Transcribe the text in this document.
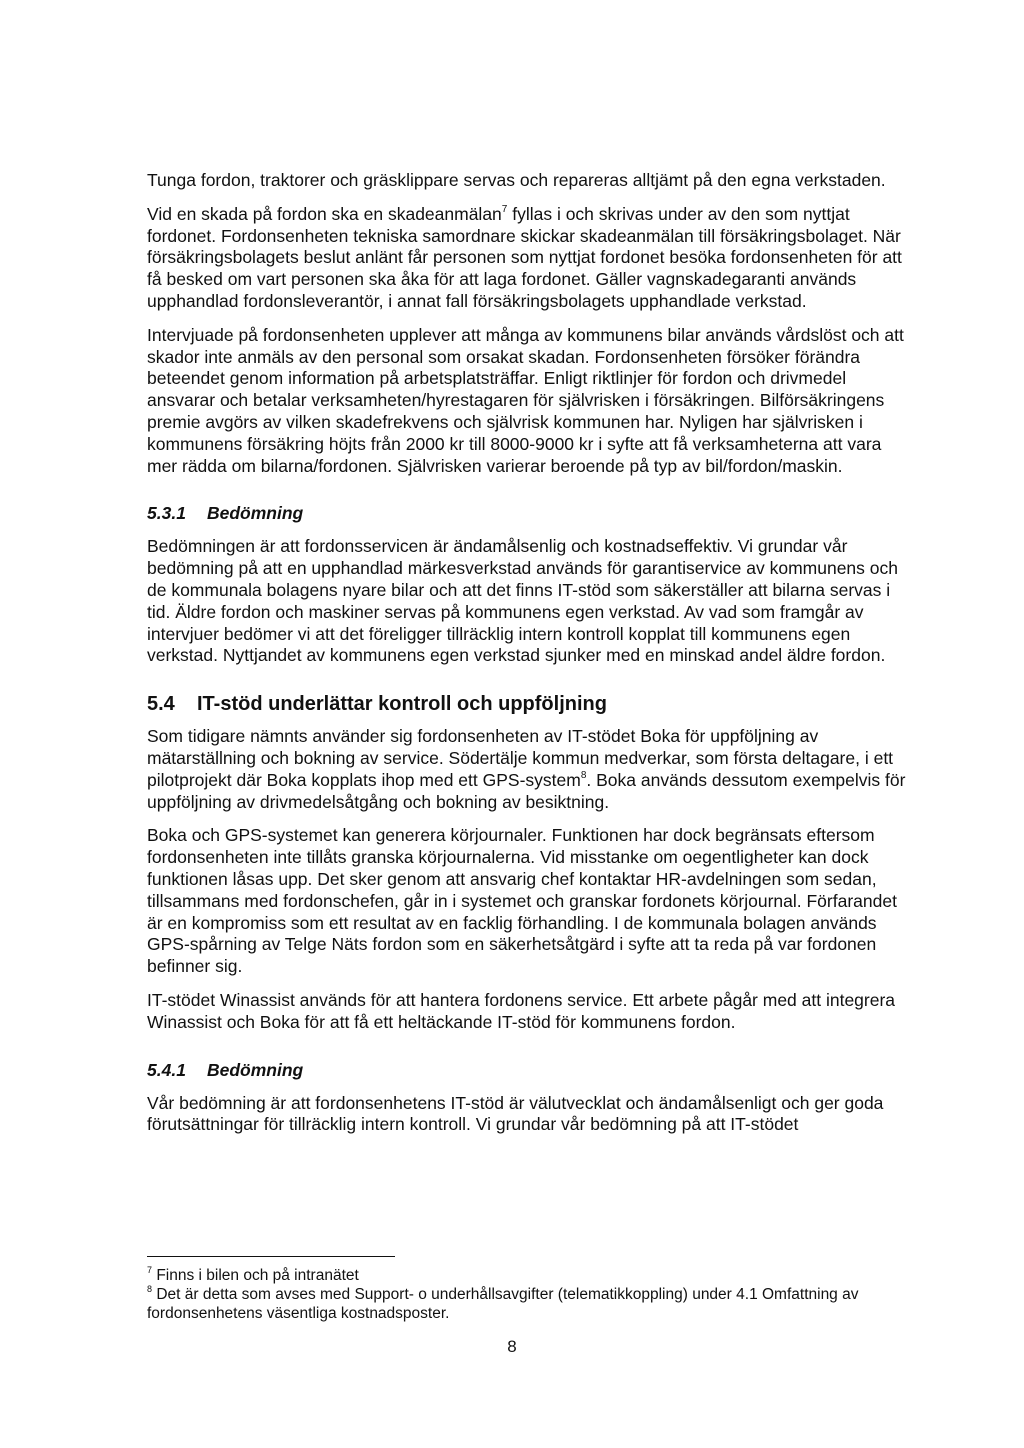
Tunga fordon, traktorer och gräsklippare servas och repareras alltjämt på den egna verkstaden.

Vid en skada på fordon ska en skadeanmälan$^7$ fyllas i och skrivas under av den som nyttjat fordonet. Fordonsenheten tekniska samordnare skickar skadeanmälan till försäkringsbolaget. När försäkringsbolagets beslut anlänt får personen som nyttjat fordonet besöka fordonsenheten för att få besked om vart personen ska åka för att laga fordonet. Gäller vagnskadegaranti används upphandlad fordonsleverantör, i annat fall försäkringsbolagets upphandlade verkstad.

Intervjuade på fordonsenheten upplever att många av kommunens bilar används vårdslöst och att skador inte anmäls av den personal som orsakat skadan. Fordonsenheten försöker förändra beteendet genom information på arbetsplatsträffar. Enligt riktlinjer för fordon och drivmedel ansvarar och betalar verksamheten/hyrestagaren för självrisken i försäkringen. Bilförsäkringens premie avgörs av vilken skadefrekvens och självrisk kommunen har. Nyligen har självrisken i kommunens försäkring höjts från 2000 kr till 8000-9000 kr i syfte att få verksamheterna att vara mer rädda om bilarna/fordonen. Självrisken varierar beroende på typ av bil/fordon/maskin.

5.3.1 Bedömning

Bedömningen är att fordonsservicen är ändamålsenlig och kostnadseffektiv. Vi grundar vår bedömning på att en upphandlad märkesverkstad används för garantiservice av kommunens och de kommunala bolagens nyare bilar och att det finns IT-stöd som säkerställer att bilarna servas i tid. Äldre fordon och maskiner servas på kommunens egen verkstad. Av vad som framgår av intervjuer bedömer vi att det föreligger tillräcklig intern kontroll kopplat till kommunens egen verkstad. Nyttjandet av kommunens egen verkstad sjunker med en minskad andel äldre fordon.

5.4 IT-stöd underlättar kontroll och uppföljning

Som tidigare nämnts använder sig fordonsenheten av IT-stödet Boka för uppföljning av mätarställning och bokning av service. Södertälje kommun medverkar, som första deltagare, i ett pilotprojekt där Boka kopplats ihop med ett GPS-system$^8$. Boka används dessutom exempelvis för uppföljning av drivmedelsåtgång och bokning av besiktning.

Boka och GPS-systemet kan generera körjournaler. Funktionen har dock begränsats eftersom fordonsenheten inte tillåts granska körjournalerna. Vid misstanke om oegentligheter kan dock funktionen låsas upp. Det sker genom att ansvarig chef kontaktar HR-avdelningen som sedan, tillsammans med fordonschefen, går in i systemet och granskar fordonets körjournal. Förfarandet är en kompromiss som ett resultat av en facklig förhandling. I de kommunala bolagen används GPS-spårning av Telge Näts fordon som en säkerhetsåtgärd i syfte att ta reda på var fordonen befinner sig.

IT-stödet Winassist används för att hantera fordonens service. Ett arbete pågår med att integrera Winassist och Boka för att få ett heltäckande IT-stöd för kommunens fordon.

5.4.1 Bedömning

Vår bedömning är att fordonsenhetens IT-stöd är välutvecklat och ändamålsenligt och ger goda förutsättningar för tillräcklig intern kontroll. Vi grundar vår bedömning på att IT-stödet

$^7$ Finns i bilen och på intranätet

$^8$ Det är detta som avses med Support- o underhållsavgifter (telematikkoppling) under 4.1 Omfattning av fordonsenhetens väsentliga kostnadsposter.

8
